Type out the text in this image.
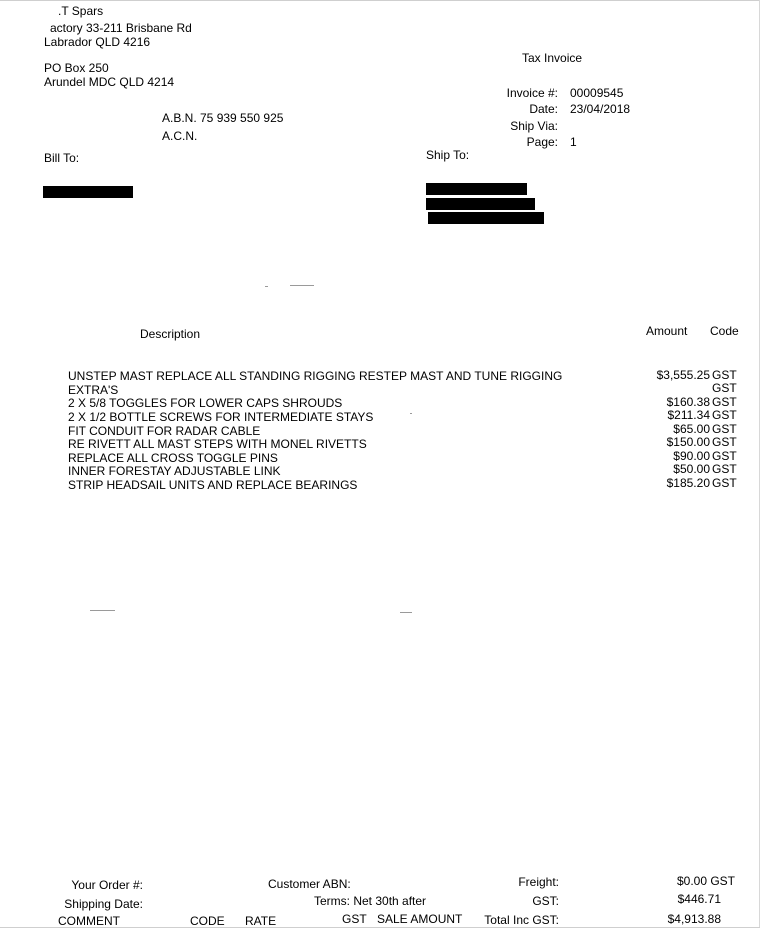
.T Spars
actory 33-211 Brisbane Rd
Labrador QLD 4216
PO Box 250
Arundel MDC QLD 4214
A.B.N. 75 939 550 925
A.C.N.
Tax Invoice
Invoice #: 00009545
Date: 23/04/2018
Ship Via:
Page: 1
Bill To:	Ship To:
Description	Amount Code
UNSTEP MAST REPLACE ALL STANDING RIGGING RESTEP MAST AND TUNE RIGGING	$3,555.25 GST
EXTRA'S	GST
2 X 5/8 TOGGLES FOR LOWER CAPS SHROUDS	$160.38 GST
2 X 1/2 BOTTLE SCREWS FOR INTERMEDIATE STAYS	$211.34 GST
FIT CONDUIT FOR RADAR CABLE	$65.00 GST
RE RIVETT ALL MAST STEPS WITH MONEL RIVETTS	$150.00 GST
REPLACE ALL CROSS TOGGLE PINS	$90.00 GST
INNER FORESTAY ADJUSTABLE LINK	$50.00 GST
STRIP HEADSAIL UNITS AND REPLACE BEARINGS	$185.20 GST
Your Order #:
Shipping Date:
Customer ABN:
Terms: Net 30th after
Freight:	$0.00 GST
GST:	$446.71
Total Inc GST:	$4,913.88
COMMENT	CODE RATE	GST SALE AMOUNT
